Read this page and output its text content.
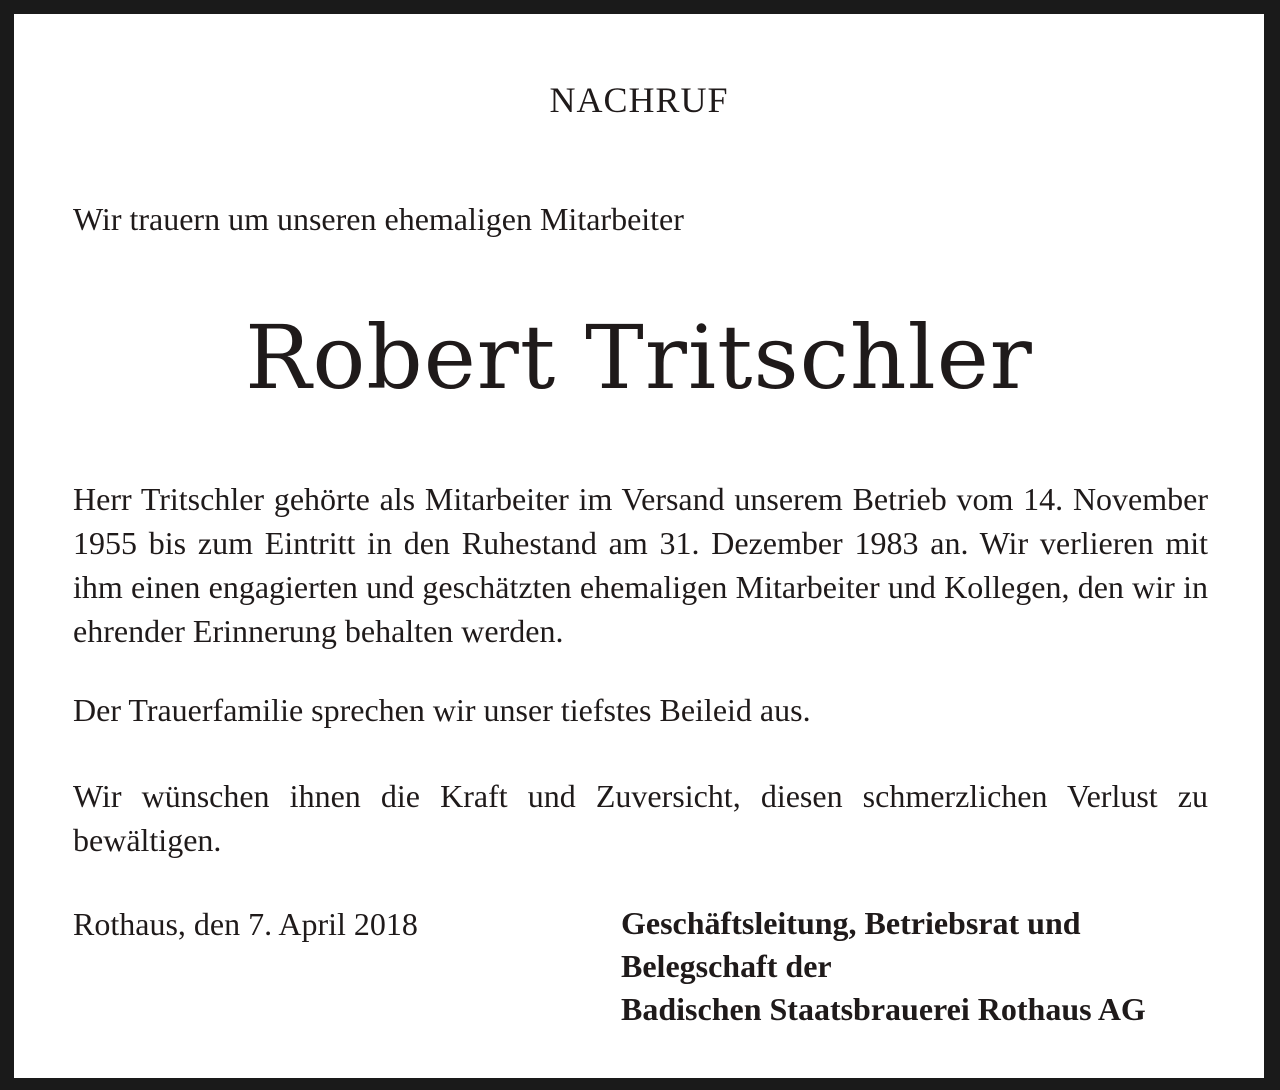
NACHRUF
Wir trauern um unseren ehemaligen Mitarbeiter
Robert Tritschler
Herr Tritschler gehörte als Mitarbeiter im Versand unserem Betrieb vom 14. November 1955 bis zum Eintritt in den Ruhestand am 31. Dezember 1983 an. Wir verlieren mit ihm einen engagierten und geschätzten ehemaligen Mitarbeiter und Kollegen, den wir in ehrender Erinnerung behalten werden.
Der Trauerfamilie sprechen wir unser tiefstes Beileid aus.
Wir wünschen ihnen die Kraft und Zuversicht, diesen schmerzlichen Verlust zu bewältigen.
Rothaus, den 7. April 2018	Geschäftsleitung, Betriebsrat und
Belegschaft der
Badischen Staatsbrauerei Rothaus AG
